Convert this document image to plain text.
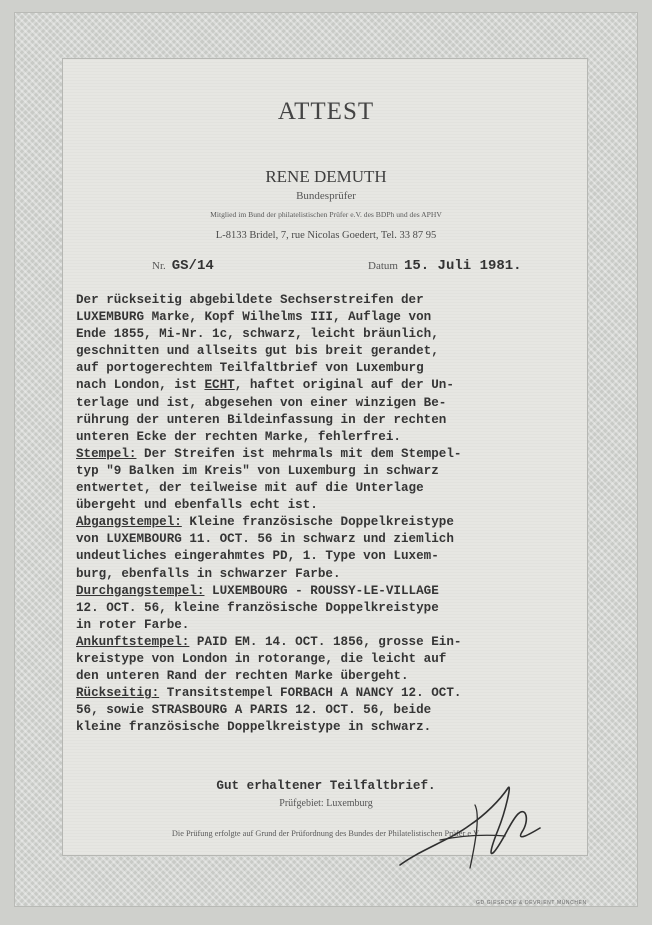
ATTEST
RENE DEMUTH
Bundesprüfer
Mitglied im Bund der philatelistischen Prüfer e.V. des BDPh und des APHV
L-8133 Bridel, 7, rue Nicolas Goedert, Tel. 33 87 95
Nr. GS/14	Datum 15. Juli 1981.
Der rückseitig abgebildete Sechserstreifen der
LUXEMBURG Marke, Kopf Wilhelms III, Auflage von
Ende 1855, Mi-Nr. 1c, schwarz, leicht bräunlich,
geschnitten und allseits gut bis breit gerandet,
auf portogerechtem Teilfaltbrief von Luxemburg
nach London, ist ECHT, haftet original auf der Un-
terlage und ist, abgesehen von einer winzigen Be-
rührung der unteren Bildeinfassung in der rechten
unteren Ecke der rechten Marke, fehlerfrei.
Stempel: Der Streifen ist mehrmals mit dem Stempel-
typ "9 Balken im Kreis" von Luxemburg in schwarz
entwertet, der teilweise mit auf die Unterlage
übergeht und ebenfalls echt ist.
Abgangstempel: Kleine französische Doppelkreistype
von LUXEMBOURG 11. OCT. 56 in schwarz und ziemlich
undeutliches eingerahmtes PD, 1. Type von Luxem-
burg, ebenfalls in schwarzer Farbe.
Durchgangstempel: LUXEMBOURG - ROUSSY-LE-VILLAGE
12. OCT. 56, kleine französische Doppelkreistype
in roter Farbe.
Ankunftstempel: PAID EM. 14. OCT. 1856, grosse Ein-
kreistype von London in rotorange, die leicht auf
den unteren Rand der rechten Marke übergeht.
Rückseitig: Transitstempel FORBACH A NANCY 12. OCT.
56, sowie STRASBOURG A PARIS 12. OCT. 56, beide
kleine französische Doppelkreistype in schwarz.
Gut erhaltener Teilfaltbrief.
Prüfgebiet: Luxemburg
Die Prüfung erfolgte auf Grund der Prüfordnung des Bundes der Philatelistischen Prüfer e.V.
GD GIESECKE & DEVRIENT MÜNCHEN
